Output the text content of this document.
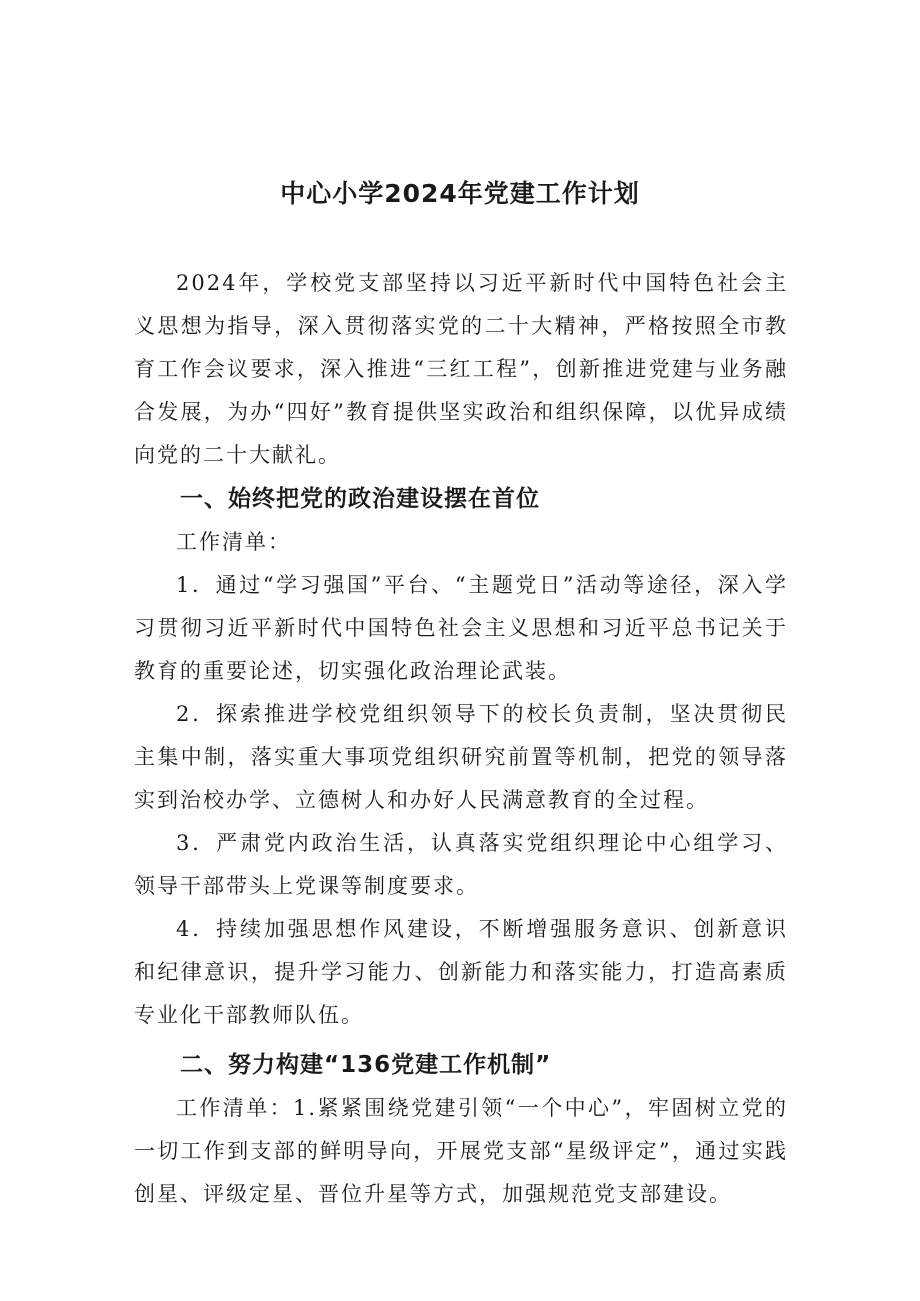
中心小学2024年党建工作计划

2024年，学校党支部坚持以习近平新时代中国特色社会主义思想为指导，深入贯彻落实党的二十大精神，严格按照全市教育工作会议要求，深入推进“三红工程”，创新推进党建与业务融合发展，为办“四好”教育提供坚实政治和组织保障，以优异成绩向党的二十大献礼。

一、始终把党的政治建设摆在首位

工作清单：

1．通过“学习强国”平台、“主题党日”活动等途径，深入学习贯彻习近平新时代中国特色社会主义思想和习近平总书记关于教育的重要论述，切实强化政治理论武装。

2．探索推进学校党组织领导下的校长负责制，坚决贯彻民主集中制，落实重大事项党组织研究前置等机制，把党的领导落实到治校办学、立德树人和办好人民满意教育的全过程。

3．严肃党内政治生活，认真落实党组织理论中心组学习、领导干部带头上党课等制度要求。

4．持续加强思想作风建设，不断增强服务意识、创新意识和纪律意识，提升学习能力、创新能力和落实能力，打造高素质专业化干部教师队伍。

二、努力构建“136党建工作机制”

工作清单：1.紧紧围绕党建引领“一个中心”，牢固树立党的一切工作到支部的鲜明导向，开展党支部“星级评定”，通过实践创星、评级定星、晋位升星等方式，加强规范党支部建设。
